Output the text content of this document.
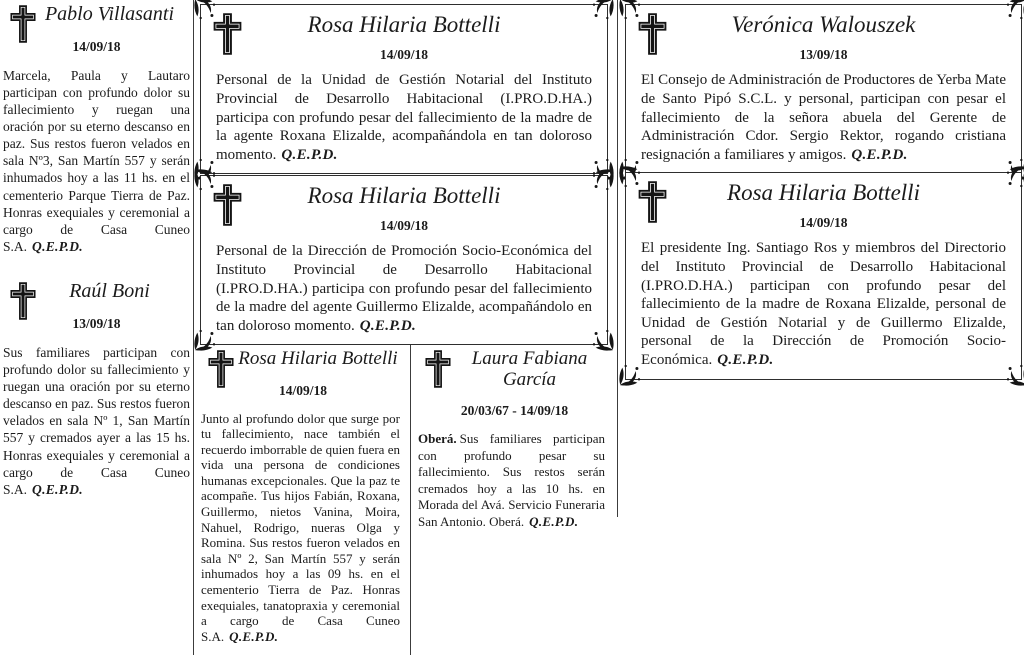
Pablo Villasanti
14/09/18

Marcela, Paula y Lautaro participan con profundo dolor su fallecimiento y ruegan una oración por su eterno descanso en paz. Sus restos fueron velados en sala Nº3, San Martín 557 y serán inhumados hoy a las 11 hs. en el cementerio Parque Tierra de Paz. Honras exequiales y ceremonial a cargo de Casa Cuneo S.A. Q.E.P.D.

Raúl Boni
13/09/18

Sus familiares participan con profundo dolor su fallecimiento y ruegan una oración por su eterno descanso en paz. Sus restos fueron velados en sala Nº 1, San Martín 557 y cremados ayer a las 15 hs. Honras exequiales y ceremonial a cargo de Casa Cuneo S.A. Q.E.P.D.

Rosa Hilaria Bottelli
14/09/18

Personal de la Unidad de Gestión Notarial del Instituto Provincial de Desarrollo Habitacional (I.PRO.D.HA.) participa con profundo pesar del fallecimiento de la madre de la agente Roxana Elizalde, acompañándola en tan doloroso momento. Q.E.P.D.

Rosa Hilaria Bottelli
14/09/18

Personal de la Dirección de Promoción Socio-Económica del Instituto Provincial de Desarrollo Habitacional (I.PRO.D.HA.) participa con profundo pesar del fallecimiento de la madre del agente Guillermo Elizalde, acompañándolo en tan doloroso momento. Q.E.P.D.

Rosa Hilaria Bottelli
14/09/18

Junto al profundo dolor que surge por tu fallecimiento, nace también el recuerdo imborrable de quien fuera en vida una persona de condiciones humanas excepcionales. Que la paz te acompañe. Tus hijos Fabián, Roxana, Guillermo, nietos Vanina, Moira, Nahuel, Rodrigo, nueras Olga y Romina. Sus restos fueron velados en sala Nº 2, San Martín 557 y serán inhumados hoy a las 09 hs. en el cementerio Tierra de Paz. Honras exequiales, tanatopraxia y ceremonial a cargo de Casa Cuneo S.A. Q.E.P.D.

Laura Fabiana García
20/03/67 - 14/09/18

Oberá. Sus familiares participan con profundo pesar su fallecimiento. Sus restos serán cremados hoy a las 10 hs. en Morada del Avá. Servicio Funeraria San Antonio. Oberá. Q.E.P.D.

Verónica Walouszek
13/09/18

El Consejo de Administración de Productores de Yerba Mate de Santo Pipó S.C.L. y personal, participan con pesar el fallecimiento de la señora abuela del Gerente de Administración Cdor. Sergio Rektor, rogando cristiana resignación a familiares y amigos. Q.E.P.D.

Rosa Hilaria Bottelli
14/09/18

El presidente Ing. Santiago Ros y miembros del Directorio del Instituto Provincial de Desarrollo Habitacional (I.PRO.D.HA.) participan con profundo pesar del fallecimiento de la madre de Roxana Elizalde, personal de Unidad de Gestión Notarial y de Guillermo Elizalde, personal de la Dirección de Promoción Socio-Económica. Q.E.P.D.
